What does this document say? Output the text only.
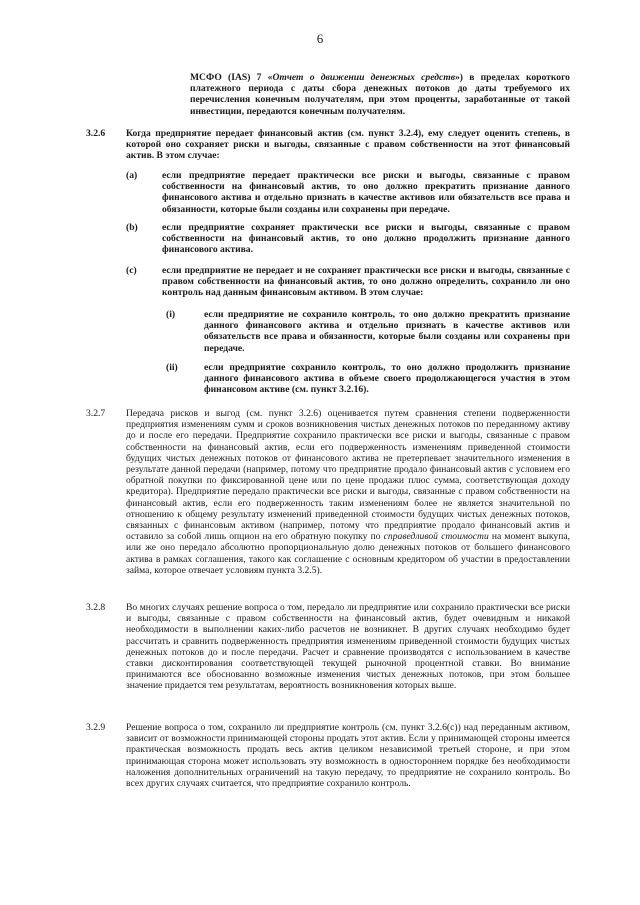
6
МСФО (IAS) 7 «Отчет о движении денежных средств») в пределах короткого платежного периода с даты сбора денежных потоков до даты требуемого их перечисления конечным получателям, при этом проценты, заработанные от такой инвестиции, передаются конечным получателям.
3.2.6 Когда предприятие передает финансовый актив (см. пункт 3.2.4), ему следует оценить степень, в которой оно сохраняет риски и выгоды, связанные с правом собственности на этот финансовый актив. В этом случае:
(a)	если предприятие передает практически все риски и выгоды, связанные с правом собственности на финансовый актив, то оно должно прекратить признание данного финансового актива и отдельно признать в качестве активов или обязательств все права и обязанности, которые были созданы или сохранены при передаче.
(b)	если предприятие сохраняет практически все риски и выгоды, связанные с правом собственности на финансовый актив, то оно должно продолжить признание данного финансового актива.
(c)	если предприятие не передает и не сохраняет практически все риски и выгоды, связанные с правом собственности на финансовый актив, то оно должно определить, сохранило ли оно контроль над данным финансовым активом. В этом случае:
(i)	если предприятие не сохранило контроль, то оно должно прекратить признание данного финансового актива и отдельно признать в качестве активов или обязательств все права и обязанности, которые были созданы или сохранены при передаче.
(ii)	если предприятие сохранило контроль, то оно должно продолжить признание данного финансового актива в объеме своего продолжающегося участия в этом финансовом активе (см. пункт 3.2.16).
3.2.7 Передача рисков и выгод (см. пункт 3.2.6) оценивается путем сравнения степени подверженности предприятия изменениям сумм и сроков возникновения чистых денежных потоков по переданному активу до и после его передачи. Предприятие сохранило практически все риски и выгоды, связанные с правом собственности на финансовый актив, если его подверженность изменениям приведенной стоимости будущих чистых денежных потоков от финансового актива не претерпевает значительного изменения в результате данной передачи (например, потому что предприятие продало финансовый актив с условием его обратной покупки по фиксированной цене или по цене продажи плюс сумма, соответствующая доходу кредитора). Предприятие передало практически все риски и выгоды, связанные с правом собственности на финансовый актив, если его подверженность таким изменениям более не является значительной по отношению к общему результату изменений приведенной стоимости будущих чистых денежных потоков, связанных с финансовым активом (например, потому что предприятие продало финансовый актив и оставило за собой лишь опцион на его обратную покупку по справедливой стоимости на момент выкупа, или же оно передало абсолютно пропорциональную долю денежных потоков от большего финансового актива в рамках соглашения, такого как соглашение с основным кредитором об участии в предоставлении займа, которое отвечает условиям пункта 3.2.5).
3.2.8 Во многих случаях решение вопроса о том, передало ли предприятие или сохранило практически все риски и выгоды, связанные с правом собственности на финансовый актив, будет очевидным и никакой необходимости в выполнении каких-либо расчетов не возникнет. В других случаях необходимо будет рассчитать и сравнить подверженность предприятия изменениям приведенной стоимости будущих чистых денежных потоков до и после передачи. Расчет и сравнение производятся с использованием в качестве ставки дисконтирования соответствующей текущей рыночной процентной ставки. Во внимание принимаются все обоснованно возможные изменения чистых денежных потоков, при этом большее значение придается тем результатам, вероятность возникновения которых выше.
3.2.9 Решение вопроса о том, сохранило ли предприятие контроль (см. пункт 3.2.6(c)) над переданным активом, зависит от возможности принимающей стороны продать этот актив. Если у принимающей стороны имеется практическая возможность продать весь актив целиком независимой третьей стороне, и при этом принимающая сторона может использовать эту возможность в одностороннем порядке без необходимости наложения дополнительных ограничений на такую передачу, то предприятие не сохранило контроль. Во всех других случаях считается, что предприятие сохранило контроль.
